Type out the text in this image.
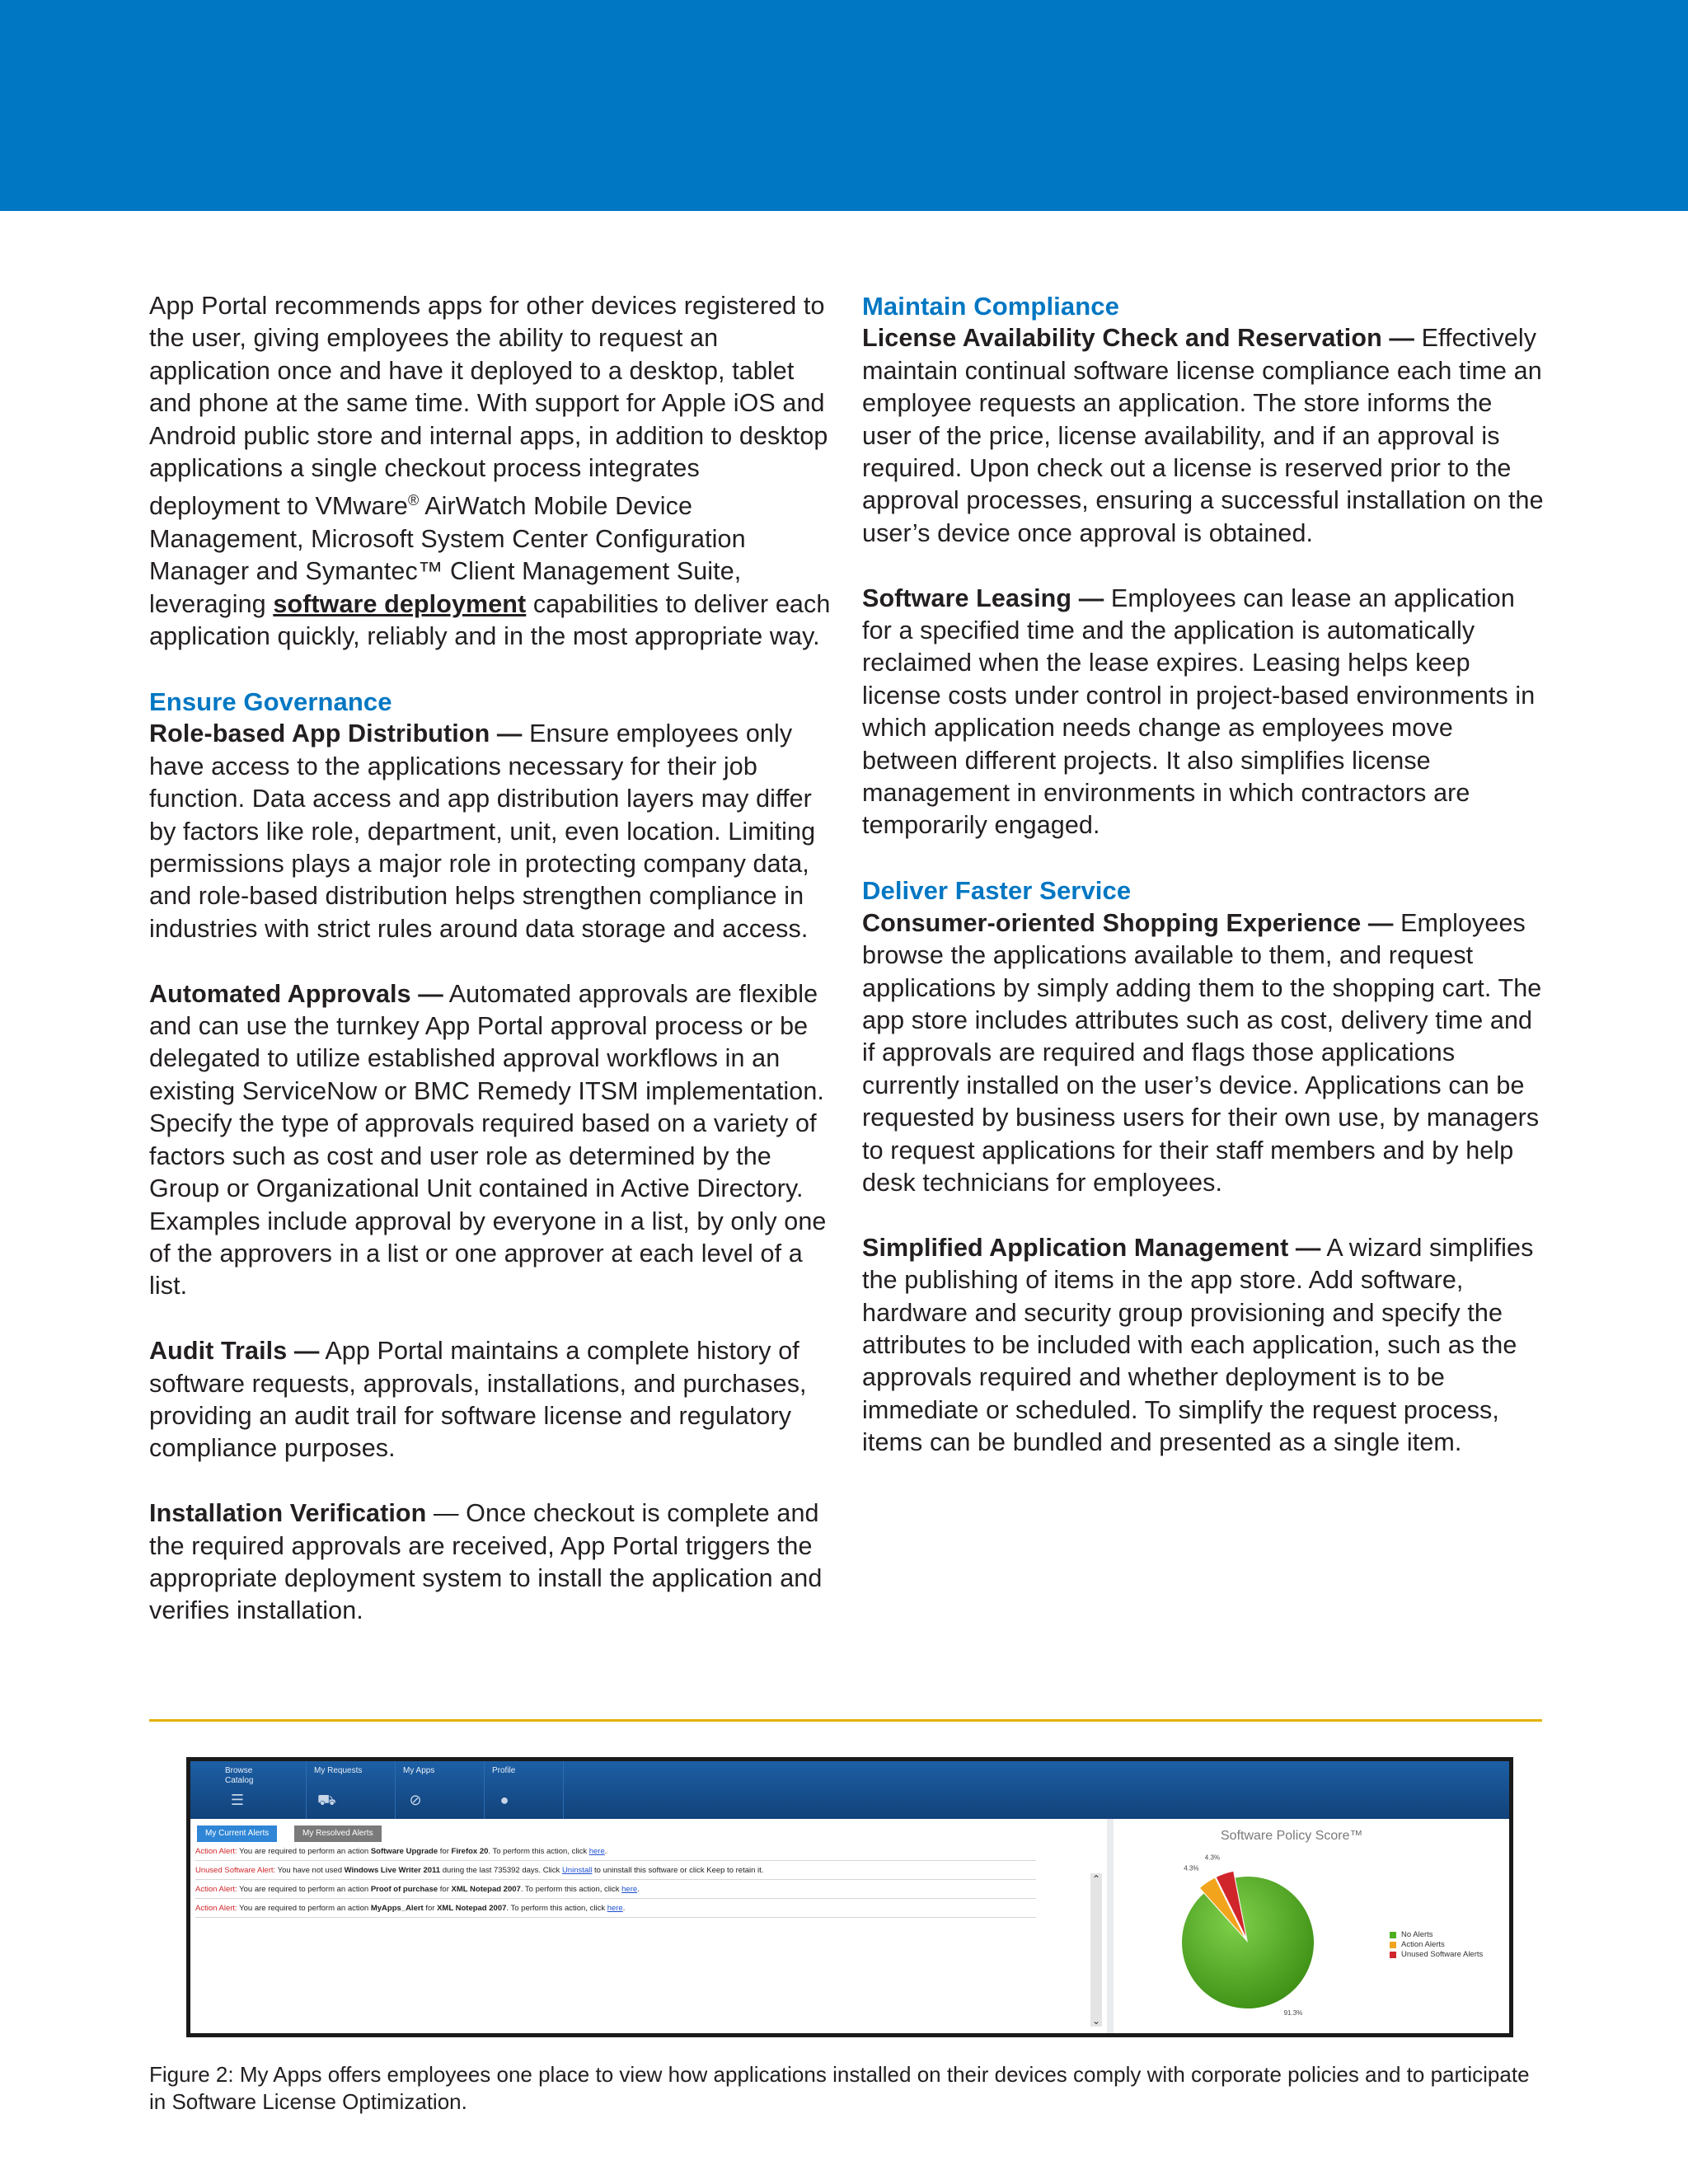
App Portal recommends apps for other devices registered to the user, giving employees the ability to request an application once and have it deployed to a desktop, tablet and phone at the same time. With support for Apple iOS and Android public store and internal apps, in addition to desktop applications a single checkout process integrates deployment to VMware® AirWatch Mobile Device Management, Microsoft System Center Configuration Manager and Symantec™ Client Management Suite, leveraging software deployment capabilities to deliver each application quickly, reliably and in the most appropriate way.

Ensure Governance

Role-based App Distribution — Ensure employees only have access to the applications necessary for their job function. Data access and app distribution layers may differ by factors like role, department, unit, even location. Limiting permissions plays a major role in protecting company data, and role-based distribution helps strengthen compliance in industries with strict rules around data storage and access.

Automated Approvals — Automated approvals are flexible and can use the turnkey App Portal approval process or be delegated to utilize established approval workflows in an existing ServiceNow or BMC Remedy ITSM implementation. Specify the type of approvals required based on a variety of factors such as cost and user role as determined by the Group or Organizational Unit contained in Active Directory. Examples include approval by everyone in a list, by only one of the approvers in a list or one approver at each level of a list.

Audit Trails — App Portal maintains a complete history of software requests, approvals, installations, and purchases, providing an audit trail for software license and regulatory compliance purposes.

Installation Verification — Once checkout is complete and the required approvals are received, App Portal triggers the appropriate deployment system to install the application and verifies installation.

Maintain Compliance

License Availability Check and Reservation — Effectively maintain continual software license compliance each time an employee requests an application. The store informs the user of the price, license availability, and if an approval is required. Upon check out a license is reserved prior to the approval processes, ensuring a successful installation on the user’s device once approval is obtained.

Software Leasing — Employees can lease an application for a specified time and the application is automatically reclaimed when the lease expires. Leasing helps keep license costs under control in project-based environments in which application needs change as employees move between different projects. It also simplifies license management in environments in which contractors are temporarily engaged.

Deliver Faster Service

Consumer-oriented Shopping Experience — Employees browse the applications available to them, and request applications by simply adding them to the shopping cart. The app store includes attributes such as cost, delivery time and if approvals are required and flags those applications currently installed on the user’s device. Applications can be requested by business users for their own use, by managers to request applications for their staff members and by help desk technicians for employees.

Simplified Application Management — A wizard simplifies the publishing of items in the app store. Add software, hardware and security group provisioning and specify the attributes to be included with each application, such as the approvals required and whether deployment is to be immediate or scheduled. To simplify the request process, items can be bundled and presented as a single item.

Browse Catalog
☰
My Requests
⛟
My Apps
⊘
Profile
●
My Current Alerts	My Resolved Alerts
Action Alert: You are required to perform an action Software Upgrade for Firefox 20. To perform this action, click here.
Unused Software Alert: You have not used Windows Live Writer 2011 during the last 735392 days. Click Uninstall to uninstall this software or click Keep to retain it.
Action Alert: You are required to perform an action Proof of purchase for XML Notepad 2007. To perform this action, click here.
Action Alert: You are required to perform an action MyApps_Alert for XML Notepad 2007. To perform this action, click here.
⌃
⌄
Software Policy Score™
91.3%
4.3%
4.3%
No Alerts
Action Alerts
Unused Software Alerts
Figure 2: My Apps offers employees one place to view how applications installed on their devices comply with corporate policies and to participate in Software License Optimization.
